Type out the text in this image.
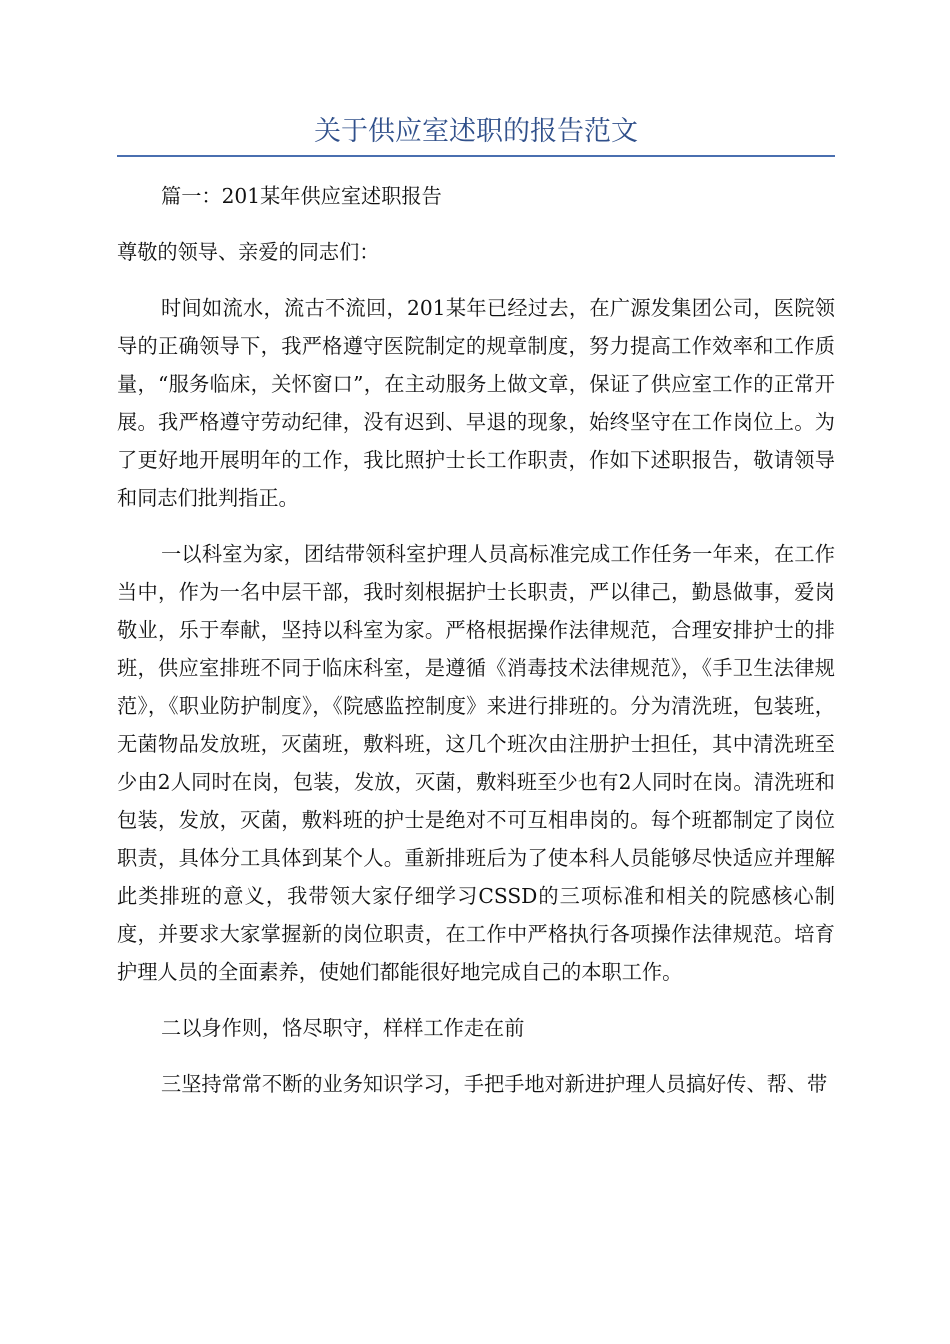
关于供应室述职的报告范文

篇一：201某年供应室述职报告

尊敬的领导、亲爱的同志们：

时间如流水，流古不流回，201某年已经过去，在广源发集团公司，医院领导的正确领导下，我严格遵守医院制定的规章制度，努力提高工作效率和工作质量，“服务临床，关怀窗口”，在主动服务上做文章，保证了供应室工作的正常开展。我严格遵守劳动纪律，没有迟到、早退的现象，始终坚守在工作岗位上。为了更好地开展明年的工作，我比照护士长工作职责，作如下述职报告，敬请领导和同志们批判指正。

一以科室为家，团结带领科室护理人员高标准完成工作任务一年来，在工作当中，作为一名中层干部，我时刻根据护士长职责，严以律己，勤恳做事，爱岗敬业，乐于奉献，坚持以科室为家。严格根据操作法律规范，合理安排护士的排班，供应室排班不同于临床科室，是遵循《消毒技术法律规范》，《手卫生法律规范》，《职业防护制度》，《院感监控制度》来进行排班的。分为清洗班，包装班，无菌物品发放班，灭菌班，敷料班，这几个班次由注册护士担任，其中清洗班至少由2人同时在岗，包装，发放，灭菌，敷料班至少也有2人同时在岗。清洗班和包装，发放，灭菌，敷料班的护士是绝对不可互相串岗的。每个班都制定了岗位职责，具体分工具体到某个人。重新排班后为了使本科人员能够尽快适应并理解此类排班的意义，我带领大家仔细学习CSSD的三项标准和相关的院感核心制度，并要求大家掌握新的岗位职责，在工作中严格执行各项操作法律规范。培育护理人员的全面素养，使她们都能很好地完成自己的本职工作。

二以身作则，恪尽职守，样样工作走在前

三坚持常常不断的业务知识学习，手把手地对新进护理人员搞好传、帮、带
